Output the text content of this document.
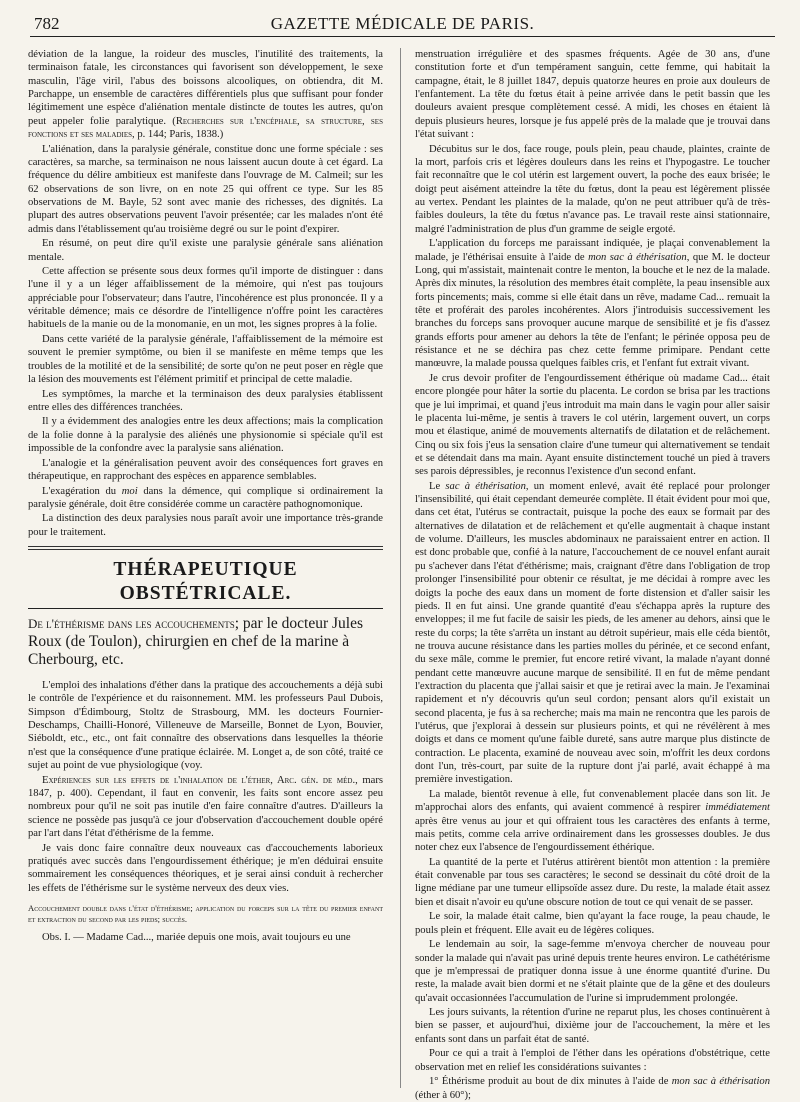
782	GAZETTE MÉDICALE DE PARIS.

déviation de la langue, la roideur des muscles, l'inutilité des traitements, la terminaison fatale, les circonstances qui favorisent son développement, le sexe masculin, l'âge viril, l'abus des boissons alcooliques, on obtiendra, dit M. Parchappe, un ensemble de caractères différentiels plus que suffisant pour fonder légitimement une espèce d'aliénation mentale distincte de toutes les autres, qu'on peut appeler folie paralytique. (Recherches sur l'encéphale, sa structure, ses fonctions et ses maladies, p. 144; Paris, 1838.)

L'aliénation, dans la paralysie générale, constitue donc une forme spéciale : ses caractères, sa marche, sa terminaison ne nous laissent aucun doute à cet égard. La fréquence du délire ambitieux est manifeste dans l'ouvrage de M. Calmeil; sur les 62 observations de son livre, on en note 25 qui offrent ce type. Sur les 85 observations de M. Bayle, 52 sont avec manie des richesses, des dignités. La plupart des autres observations peuvent l'avoir présentée; car les malades n'ont été admis dans l'établissement qu'au troisième degré ou sur le point d'expirer.

En résumé, on peut dire qu'il existe une paralysie générale sans aliénation mentale.

Cette affection se présente sous deux formes qu'il importe de distinguer : dans l'une il y a un léger affaiblissement de la mémoire, qui n'est pas toujours appréciable pour l'observateur; dans l'autre, l'incohérence est plus prononcée. Il y a véritable démence; mais ce désordre de l'intelligence n'offre point les caractères habituels de la manie ou de la monomanie, en un mot, les signes propres à la folie.

Dans cette variété de la paralysie générale, l'affaiblissement de la mémoire est souvent le premier symptôme, ou bien il se manifeste en même temps que les troubles de la motilité et de la sensibilité; de sorte qu'on ne peut poser en règle que la lésion des mouvements est l'élément primitif et principal de cette maladie.

Les symptômes, la marche et la terminaison des deux paralysies établissent entre elles des différences tranchées.

Il y a évidemment des analogies entre les deux affections; mais la complication de la folie donne à la paralysie des aliénés une physionomie si spéciale qu'il est impossible de la confondre avec la paralysie sans aliénation.

L'analogie et la généralisation peuvent avoir des conséquences fort graves en thérapeutique, en rapprochant des espèces en apparence semblables.

L'exagération du moi dans la démence, qui complique si ordinairement la paralysie générale, doit être considérée comme un caractère pathognomonique.

La distinction des deux paralysies nous paraît avoir une importance très-grande pour le traitement.

THÉRAPEUTIQUE OBSTÉTRICALE.

De l'éthérisme dans les accouchements; par le docteur Jules Roux (de Toulon), chirurgien en chef de la marine à Cherbourg, etc.

L'emploi des inhalations d'éther dans la pratique des accouchements a déjà subi le contrôle de l'expérience et du raisonnement. MM. les professeurs Paul Dubois, Simpson d'Édimbourg, Stoltz de Strasbourg, MM. les docteurs Fournier-Deschamps, Chailli-Honoré, Villeneuve de Marseille, Bonnet de Lyon, Bouvier, Siéboldt, etc., etc., ont fait connaître des observations dans lesquelles la théorie n'est que la conséquence d'une pratique éclairée. M. Longet a, de son côté, traité ce sujet au point de vue physiologique (voy.

Expériences sur les effets de l'inhalation de l'éther, Arc. gén. de méd., mars 1847, p. 400). Cependant, il faut en convenir, les faits sont encore assez peu nombreux pour qu'il ne soit pas inutile d'en faire connaître d'autres. D'ailleurs la science ne possède pas jusqu'à ce jour d'observation d'accouchement double opéré par l'art dans l'état d'éthérisme de la femme.

Je vais donc faire connaître deux nouveaux cas d'accouchements laborieux pratiqués avec succès dans l'engourdissement éthérique; je m'en déduirai ensuite sommairement les conséquences théoriques, et je serai ainsi conduit à rechercher les effets de l'éthérisme sur le système nerveux des deux vies.

Accouchement double dans l'état d'éthérisme; application du forceps sur la tête du premier enfant et extraction du second par les pieds; succès.

Obs. I. — Madame Cad..., mariée depuis one mois, avait toujours eu une

menstruation irrégulière et des spasmes fréquents. Agée de 30 ans, d'une constitution forte et d'un tempérament sanguin, cette femme, qui habitait la campagne, était, le 8 juillet 1847, depuis quatorze heures en proie aux douleurs de l'enfantement. La tête du fœtus était à peine arrivée dans le petit bassin que les douleurs avaient presque complètement cessé. A midi, les choses en étaient là depuis plusieurs heures, lorsque je fus appelé près de la malade que je trouvai dans l'état suivant :

Décubitus sur le dos, face rouge, pouls plein, peau chaude, plaintes, crainte de la mort, parfois cris et légères douleurs dans les reins et l'hypogastre. Le toucher fait reconnaître que le col utérin est largement ouvert, la poche des eaux brisée; le doigt peut aisément atteindre la tête du fœtus, dont la peau est légèrement plissée au vertex. Pendant les plaintes de la malade, qu'on ne peut attribuer qu'à de très-faibles douleurs, la tête du fœtus n'avance pas. Le travail reste ainsi stationnaire, malgré l'administration de plus d'un gramme de seigle ergoté.

L'application du forceps me paraissant indiquée, je plaçai convenablement la malade, je l'éthérisai ensuite à l'aide de mon sac à éthérisation, que M. le docteur Long, qui m'assistait, maintenait contre le menton, la bouche et le nez de la malade. Après dix minutes, la résolution des membres était complète, la peau insensible aux forts pincements; mais, comme si elle était dans un rêve, madame Cad... remuait la tête et proférait des paroles incohérentes. Alors j'introduisis successivement les branches du forceps sans provoquer aucune marque de sensibilité et je fis d'assez grands efforts pour amener au dehors la tête de l'enfant; le périnée opposa peu de résistance et ne se déchira pas chez cette femme primipare. Pendant cette manœuvre, la malade poussa quelques faibles cris, et l'enfant fut extrait vivant.

Je crus devoir profiter de l'engourdissement éthérique où madame Cad... était encore plongée pour hâter la sortie du placenta. Le cordon se brisa par les tractions que je lui imprimai, et quand j'eus introduit ma main dans le vagin pour aller saisir le placenta lui-même, je sentis à travers le col utérin, largement ouvert, un corps mou et élastique, animé de mouvements alternatifs de dilatation et de relâchement. Cinq ou six fois j'eus la sensation claire d'une tumeur qui alternativement se tendait et se détendait dans ma main. Ayant ensuite distinctement touché un pied à travers ses parois dépressibles, je reconnus l'existence d'un second enfant.

Le sac à éthérisation, un moment enlevé, avait été replacé pour prolonger l'insensibilité, qui était cependant demeurée complète. Il était évident pour moi que, dans cet état, l'utérus se contractait, puisque la poche des eaux se formait par des alternatives de dilatation et de relâchement et qu'elle augmentait à chaque instant de volume. D'ailleurs, les muscles abdominaux ne paraissaient entrer en action. Il est donc probable que, confié à la nature, l'accouchement de ce nouvel enfant aurait pu s'achever dans l'état d'éthérisme; mais, craignant d'être dans l'obligation de trop prolonger l'insensibilité pour obtenir ce résultat, je me décidai à rompre avec les doigts la poche des eaux dans un moment de forte distension et d'aller saisir les pieds. Il en fut ainsi. Une grande quantité d'eau s'échappa après la rupture des enveloppes; il me fut facile de saisir les pieds, de les amener au dehors, ainsi que le reste du corps; la tête s'arrêta un instant au détroit supérieur, mais elle céda bientôt, ne trouva aucune résistance dans les parties molles du périnée, et ce second enfant, du sexe mâle, comme le premier, fut encore retiré vivant, la malade n'ayant donné pendant cette manœuvre aucune marque de sensibilité. Il en fut de même pendant l'extraction du placenta que j'allai saisir et que je retirai avec la main. Je l'examinai rapidement et n'y découvris qu'un seul cordon; pensant alors qu'il existait un second placenta, je fus à sa recherche; mais ma main ne rencontra que les parois de l'utérus, que j'explorai à dessein sur plusieurs points, et qui ne révélèrent à mes doigts et dans ce moment qu'une faible dureté, sans autre marque plus distincte de contraction. Le placenta, examiné de nouveau avec soin, m'offrit les deux cordons dont l'un, très-court, par suite de la rupture dont j'ai parlé, avait échappé à ma première investigation.

La malade, bientôt revenue à elle, fut convenablement placée dans son lit. Je m'approchai alors des enfants, qui avaient commencé à respirer immédiatement après être venus au jour et qui offraient tous les caractères des enfants à terme, mais petits, comme cela arrive ordinairement dans les grossesses doubles. Je dus noter chez eux l'absence de l'engourdissement éthérique.

La quantité de la perte et l'utérus attirèrent bientôt mon attention : la première était convenable par tous ses caractères; le second se dessinait du côté droit de la ligne médiane par une tumeur ellipsoïde assez dure. Du reste, la malade était assez bien et disait n'avoir eu qu'une obscure notion de tout ce qui venait de se passer.

Le soir, la malade était calme, bien qu'ayant la face rouge, la peau chaude, le pouls plein et fréquent. Elle avait eu de légères coliques.

Le lendemain au soir, la sage-femme m'envoya chercher de nouveau pour sonder la malade qui n'avait pas uriné depuis trente heures environ. Le cathétérisme que je m'empressai de pratiquer donna issue à une énorme quantité d'urine. Du reste, la malade avait bien dormi et ne s'était plainte que de la gêne et des douleurs qu'avait occasionnées l'accumulation de l'urine si imprudemment prolongée.

Les jours suivants, la rétention d'urine ne reparut plus, les choses continuèrent à bien se passer, et aujourd'hui, dixième jour de l'accouchement, la mère et les enfants sont dans un parfait état de santé.

Pour ce qui a trait à l'emploi de l'éther dans les opérations d'obstétrique, cette observation met en relief les considérations suivantes :

1° Éthérisme produit au bout de dix minutes à l'aide de mon sac à éthérisation (éther à 60°);
